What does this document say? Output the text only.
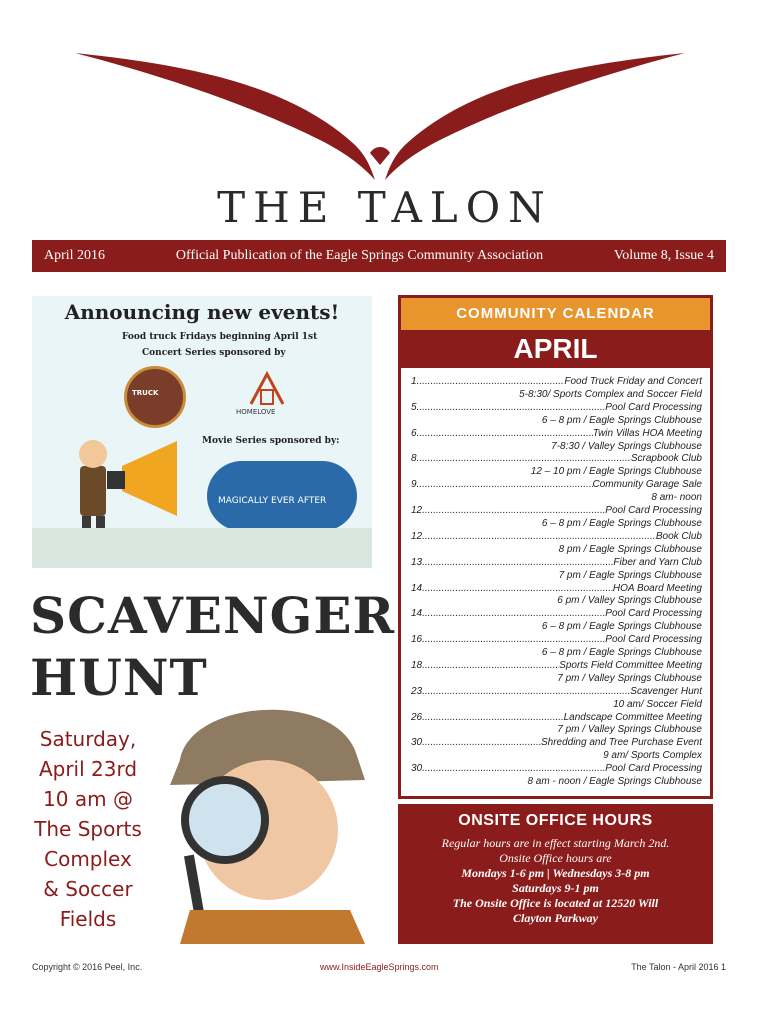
THE TALON
April 2016	Official Publication of the Eagle Springs Community Association	Volume 8, Issue 4
Announcing new events!
Food truck Fridays beginning April 1st
Concert Series sponsored by
TRUCK
HOMELOVE
Movie Series sponsored by:
MAGICALLY EVER AFTER
SCAVENGER
HUNT
Saturday,
April 23rd
10 am @
The Sports
Complex
& Soccer
Fields
COMMUNITY CALENDAR
APRIL
1 .....	Food Truck Friday and Concert
5-8:30/ Sports Complex and Soccer Field
5 .....	Pool Card Processing
6 – 8 pm / Eagle Springs Clubhouse
6 .....	Twin Villas HOA Meeting
7-8:30 / Valley Springs Clubhouse
8 .....	Scrapbook Club
12 – 10 pm / Eagle Springs Clubhouse
9 .....	Community Garage Sale
8 am- noon
12 .....	Pool Card Processing
6 – 8 pm / Eagle Springs Clubhouse
12 .....	Book Club
8 pm / Eagle Springs Clubhouse
13 .....	Fiber and Yarn Club
7 pm / Eagle Springs Clubhouse
14 .....	HOA Board Meeting
6 pm / Valley Springs Clubhouse
14 .....	Pool Card Processing
6 – 8 pm / Eagle Springs Clubhouse
16 .....	Pool Card Processing
6 – 8 pm / Eagle Springs Clubhouse
18 .....	Sports Field Committee Meeting
7 pm / Valley Springs Clubhouse
23 .....	Scavenger Hunt
10 am/ Soccer Field
26 .....	Landscape Committee Meeting
7 pm / Valley Springs Clubhouse
30 .....	Shredding and Tree Purchase Event
9 am/ Sports Complex
30 .....	Pool Card Processing
8 am - noon / Eagle Springs Clubhouse
ONSITE OFFICE HOURS
Regular hours are in effect starting March 2nd.
Onsite Office hours are
Mondays 1-6 pm | Wednesdays 3-8 pm
Saturdays 9-1 pm
The Onsite Office is located at 12520 Will
Clayton Parkway
Copyright © 2016 Peel, Inc.	www.InsideEagleSprings.com	The Talon - April 2016 1
